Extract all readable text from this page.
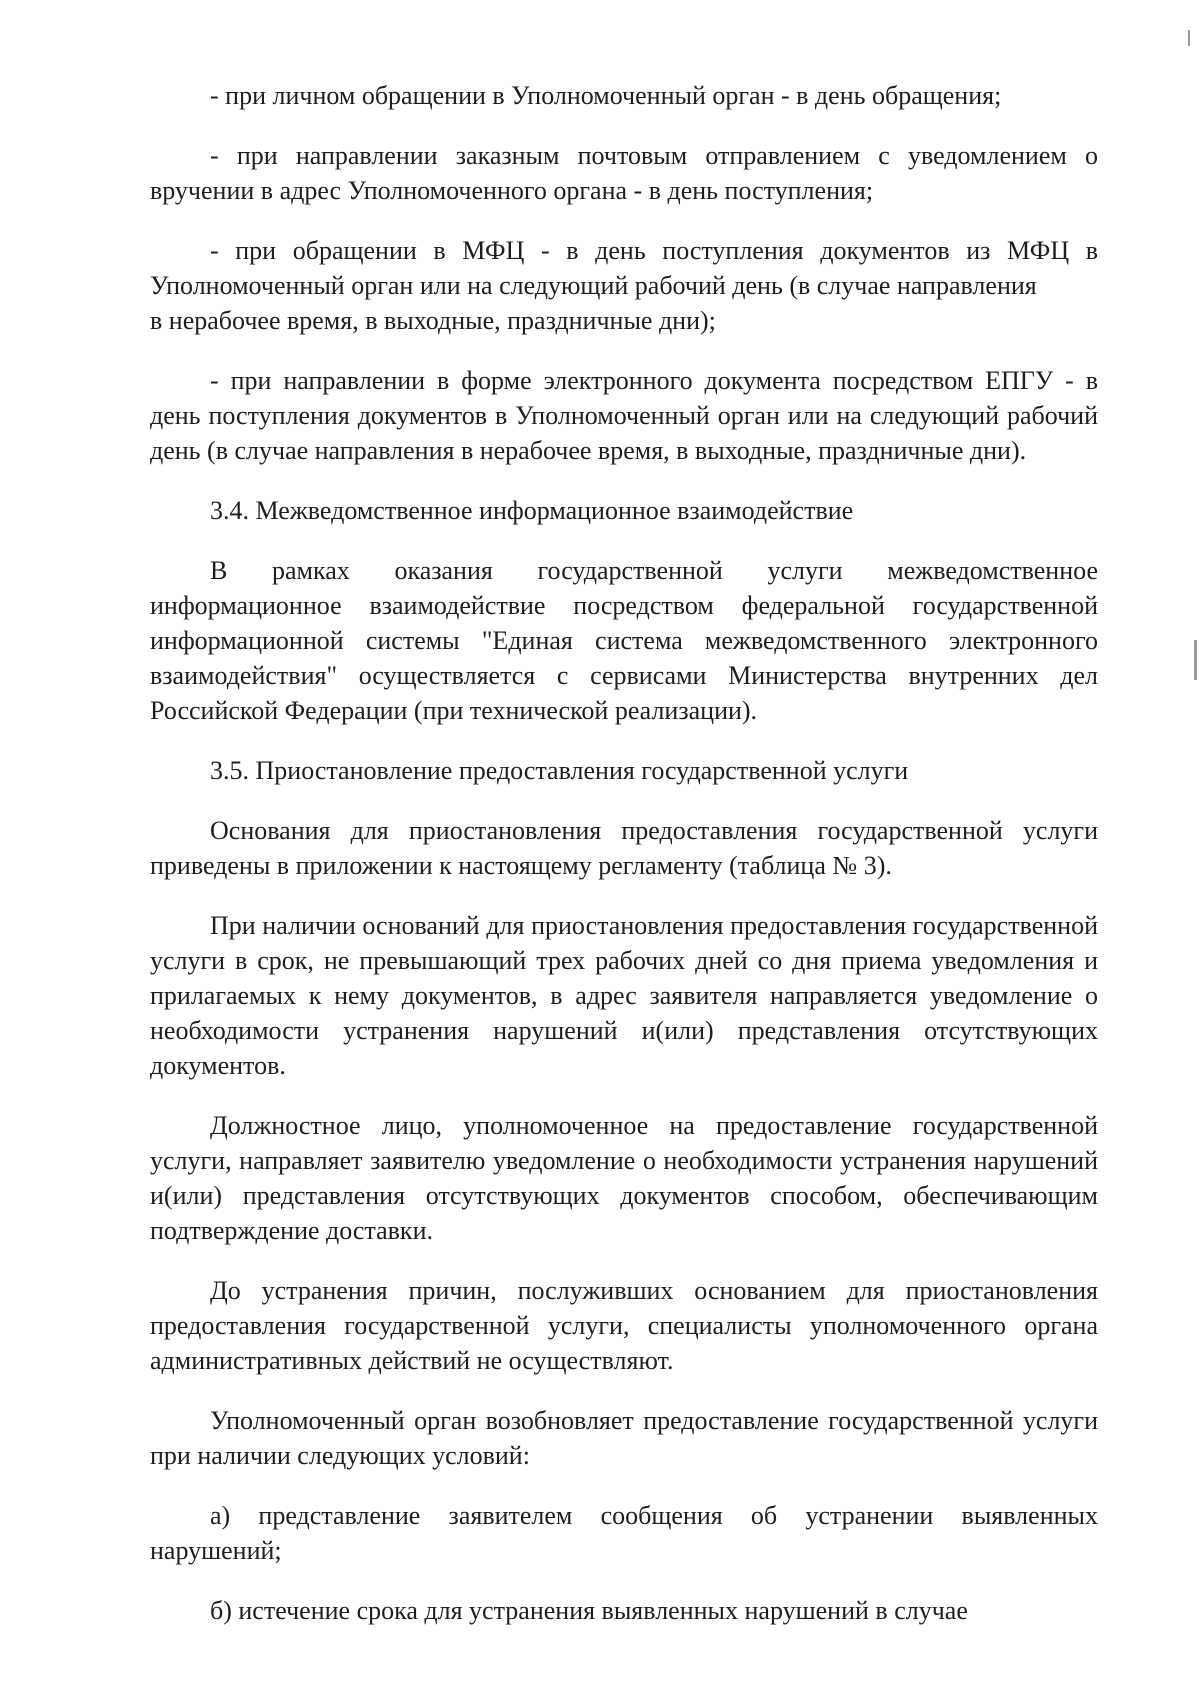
- при личном обращении в Уполномоченный орган - в день обращения;

- при направлении заказным почтовым отправлением с уведомлением о вручении в адрес Уполномоченного органа - в день поступления;

- при обращении в МФЦ - в день поступления документов из МФЦ в Уполномоченный орган или на следующий рабочий день (в случае направления

в нерабочее время, в выходные, праздничные дни);

- при направлении в форме электронного документа посредством ЕПГУ - в день поступления документов в Уполномоченный орган или на следующий рабочий день (в случае направления в нерабочее время, в выходные, праздничные дни).

3.4. Межведомственное информационное взаимодействие

В рамках оказания государственной услуги межведомственное информационное взаимодействие посредством федеральной государственной информационной системы "Единая система межведомственного электронного взаимодействия" осуществляется с сервисами Министерства внутренних дел Российской Федерации (при технической реализации).

3.5. Приостановление предоставления государственной услуги

Основания для приостановления предоставления государственной услуги приведены в приложении к настоящему регламенту (таблица № 3).

При наличии оснований для приостановления предоставления государственной услуги в срок, не превышающий трех рабочих дней со дня приема уведомления и прилагаемых к нему документов, в адрес заявителя направляется уведомление о необходимости устранения нарушений и(или) представления отсутствующих документов.

Должностное лицо, уполномоченное на предоставление государственной услуги, направляет заявителю уведомление о необходимости устранения нарушений и(или) представления отсутствующих документов способом, обеспечивающим подтверждение доставки.

До устранения причин, послуживших основанием для приостановления предоставления государственной услуги, специалисты уполномоченного органа административных действий не осуществляют.

Уполномоченный орган возобновляет предоставление государственной услуги при наличии следующих условий:

а) представление заявителем сообщения об устранении выявленных нарушений;

б) истечение срока для устранения выявленных нарушений в случае
